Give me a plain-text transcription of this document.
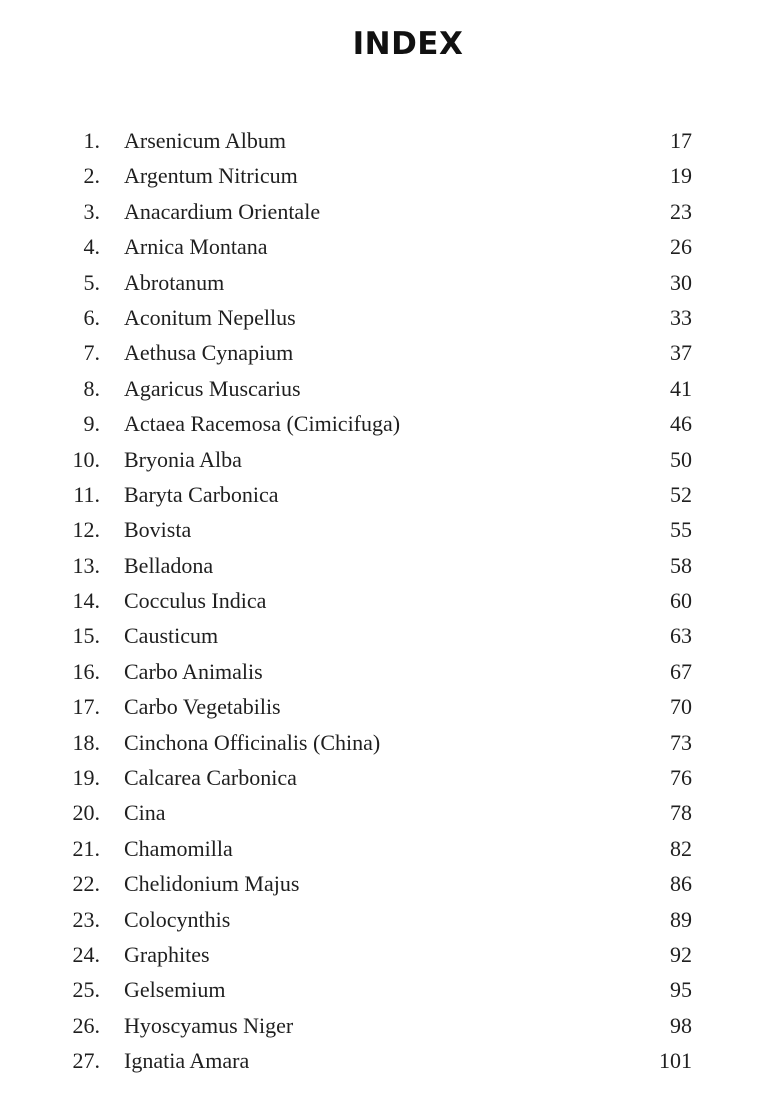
INDEX
1. Arsenicum Album	17
2. Argentum Nitricum	19
3. Anacardium Orientale	23
4. Arnica Montana	26
5. Abrotanum	30
6. Aconitum Nepellus	33
7. Aethusa Cynapium	37
8. Agaricus Muscarius	41
9. Actaea Racemosa (Cimicifuga)	46
10. Bryonia Alba	50
11. Baryta Carbonica	52
12. Bovista	55
13. Belladona	58
14. Cocculus Indica	60
15. Causticum	63
16. Carbo Animalis	67
17. Carbo Vegetabilis	70
18. Cinchona Officinalis (China)	73
19. Calcarea Carbonica	76
20. Cina	78
21. Chamomilla	82
22. Chelidonium Majus	86
23. Colocynthis	89
24. Graphites	92
25. Gelsemium	95
26. Hyoscyamus Niger	98
27. Ignatia Amara	101
